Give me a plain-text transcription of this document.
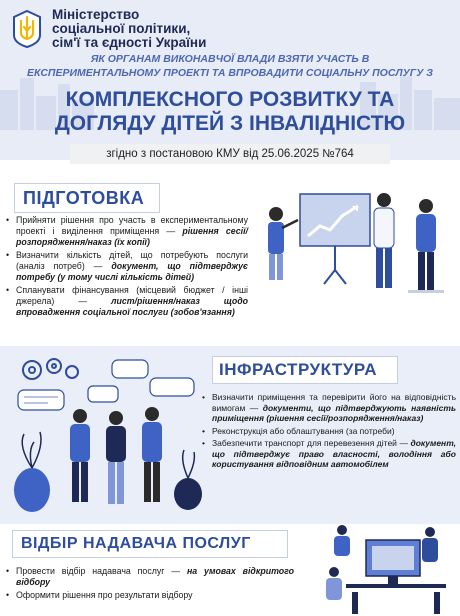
Міністерство
соціальної політики,
сім'ї та єдності України
ЯК ОРГАНАМ ВИКОНАВЧОЇ ВЛАДИ ВЗЯТИ УЧАСТЬ В
ЕКСПЕРИМЕНТАЛЬНОМУ ПРОЕКТІ ТА ВПРОВАДИТИ СОЦІАЛЬНУ ПОСЛУГУ З
КОМПЛЕКСНОГО РОЗВИТКУ ТА
ДОГЛЯДУ ДІТЕЙ З ІНВАЛІДНІСТЮ
згідно з постановою КМУ від 25.06.2025 №764
ПІДГОТОВКА
• Прийняти рішення про участь в експериментальному проекті і виділення приміщення — рішення сесії/розпорядження/наказ (їх копії)
• Визначити кількість дітей, що потребують послуги (аналіз потреб) — документ, що підтверджує потребу (у тому числі кількість дітей)
• Спланувати фінансування (місцевий бюджет / інші джерела) — лист/рішення/наказ щодо впровадження соціальної послуги (зобов'язання)
ІНФРАСТРУКТУРА
• Визначити приміщення та перевірити його на відповідність вимогам — документи, що підтверджують наявність приміщення (рішення сесії/розпорядження/наказ)
• Реконструкція або облаштування (за потреби)
• Забезпечити транспорт для перевезення дітей — документ, що підтверджує право власності, володіння або користування відповідним автомобілем
ВІДБІР НАДАВАЧА ПОСЛУГ
• Провести відбір надавача послуг — на умовах відкритого відбору
• Оформити рішення про результати відбору
